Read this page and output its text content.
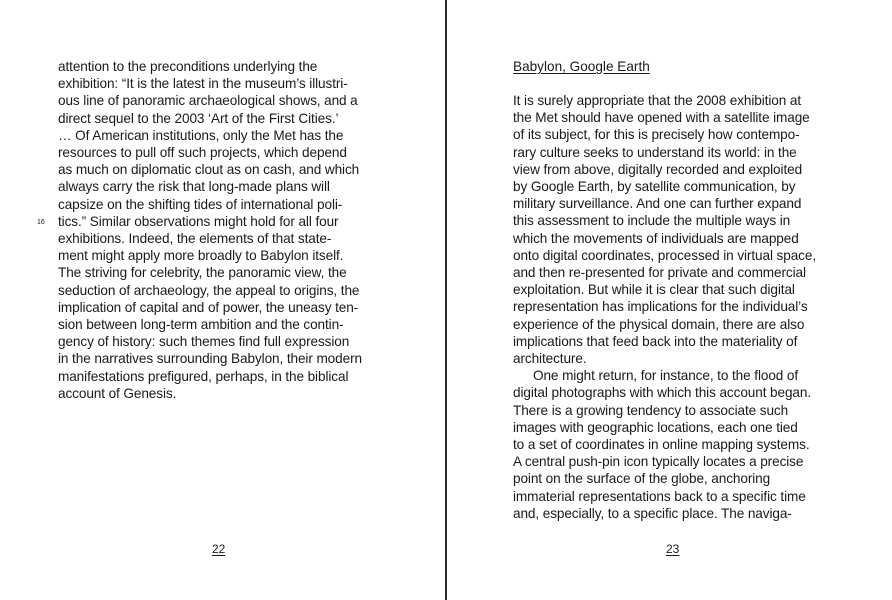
16
attention to the preconditions underlying the
exhibition: “It is the latest in the museum’s illustri-
ous line of panoramic archaeological shows, and a
direct sequel to the 2003 ‘Art of the First Cities.’
… Of American institutions, only the Met has the
resources to pull off such projects, which depend
as much on diplomatic clout as on cash, and which
always carry the risk that long-made plans will
capsize on the shifting tides of international poli-
tics.” Similar observations might hold for all four
exhibitions. Indeed, the elements of that state-
ment might apply more broadly to Babylon itself.
The striving for celebrity, the panoramic view, the
seduction of archaeology, the appeal to origins, the
implication of capital and of power, the uneasy ten-
sion between long-term ambition and the contin-
gency of history: such themes find full expression
in the narratives surrounding Babylon, their modern
manifestations prefigured, perhaps, in the biblical
account of Genesis.
22
Babylon, Google Earth
It is surely appropriate that the 2008 exhibition at
the Met should have opened with a satellite image
of its subject, for this is precisely how contempo-
rary culture seeks to understand its world: in the
view from above, digitally recorded and exploited
by Google Earth, by satellite communication, by
military surveillance. And one can further expand
this assessment to include the multiple ways in
which the movements of individuals are mapped
onto digital coordinates, processed in virtual space,
and then re-presented for private and commercial
exploitation. But while it is clear that such digital
representation has implications for the individual’s
experience of the physical domain, there are also
implications that feed back into the materiality of
architecture.
One might return, for instance, to the flood of
digital photographs with which this account began.
There is a growing tendency to associate such
images with geographic locations, each one tied
to a set of coordinates in online mapping systems.
A central push-pin icon typically locates a precise
point on the surface of the globe, anchoring
immaterial representations back to a specific time
and, especially, to a specific place. The naviga-
23
